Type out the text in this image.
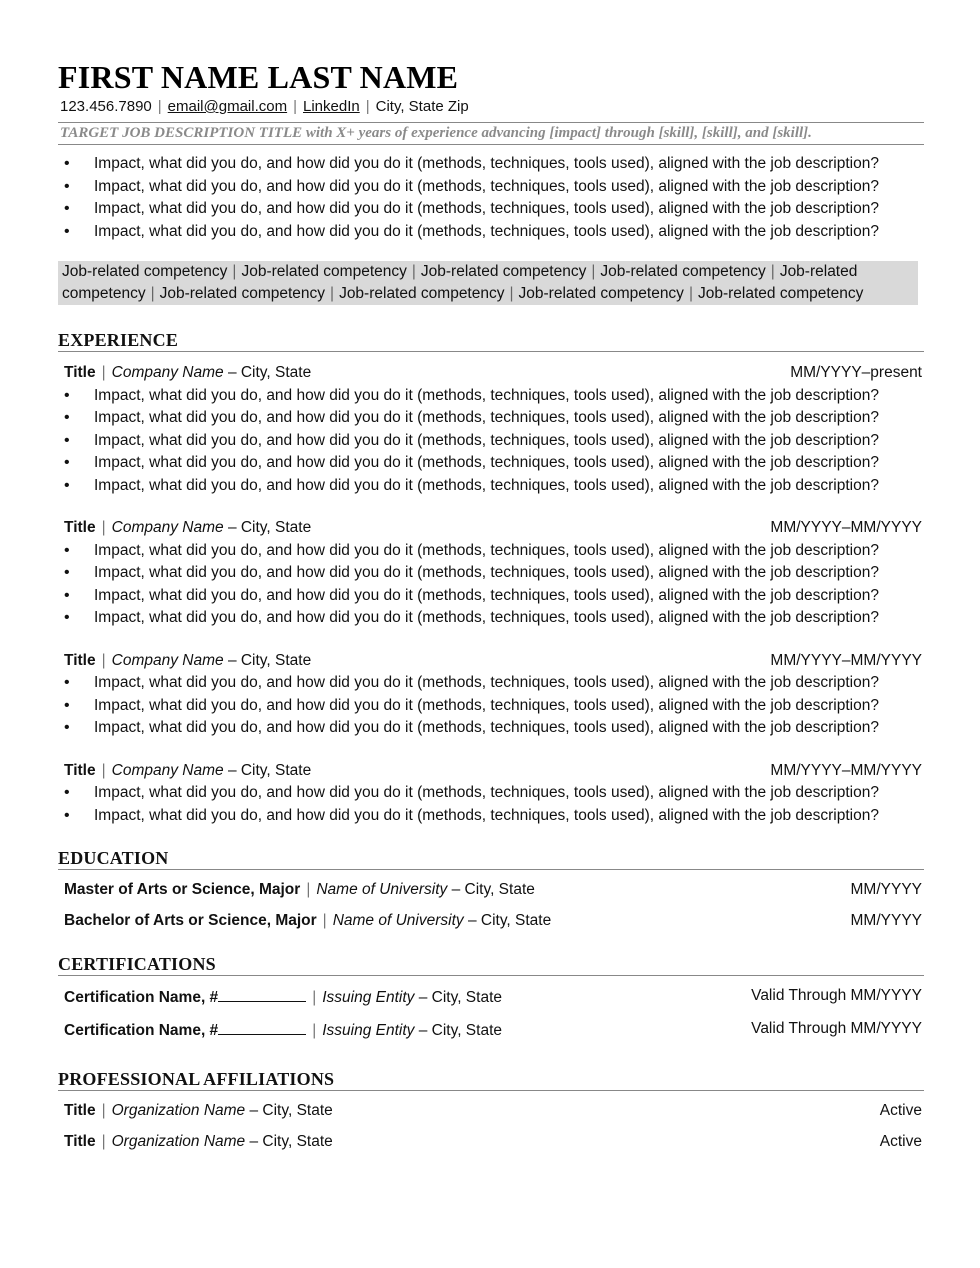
FIRST NAME LAST NAME
123.456.7890 | email@gmail.com | LinkedIn | City, State Zip
TARGET JOB DESCRIPTION TITLE with X+ years of experience advancing [impact] through [skill], [skill], and [skill].
• Impact, what did you do, and how did you do it (methods, techniques, tools used), aligned with the job description?
• Impact, what did you do, and how did you do it (methods, techniques, tools used), aligned with the job description?
• Impact, what did you do, and how did you do it (methods, techniques, tools used), aligned with the job description?
• Impact, what did you do, and how did you do it (methods, techniques, tools used), aligned with the job description?
Job-related competency | Job-related competency | Job-related competency | Job-related competency | Job-related
competency | Job-related competency | Job-related competency | Job-related competency | Job-related competency
EXPERIENCE
Title | Company Name – City, State	MM/YYYY–present
• Impact, what did you do, and how did you do it (methods, techniques, tools used), aligned with the job description?
• Impact, what did you do, and how did you do it (methods, techniques, tools used), aligned with the job description?
• Impact, what did you do, and how did you do it (methods, techniques, tools used), aligned with the job description?
• Impact, what did you do, and how did you do it (methods, techniques, tools used), aligned with the job description?
• Impact, what did you do, and how did you do it (methods, techniques, tools used), aligned with the job description?
Title | Company Name – City, State	MM/YYYY–MM/YYYY
• Impact, what did you do, and how did you do it (methods, techniques, tools used), aligned with the job description?
• Impact, what did you do, and how did you do it (methods, techniques, tools used), aligned with the job description?
• Impact, what did you do, and how did you do it (methods, techniques, tools used), aligned with the job description?
• Impact, what did you do, and how did you do it (methods, techniques, tools used), aligned with the job description?
Title | Company Name – City, State	MM/YYYY–MM/YYYY
• Impact, what did you do, and how did you do it (methods, techniques, tools used), aligned with the job description?
• Impact, what did you do, and how did you do it (methods, techniques, tools used), aligned with the job description?
• Impact, what did you do, and how did you do it (methods, techniques, tools used), aligned with the job description?
Title | Company Name – City, State	MM/YYYY–MM/YYYY
• Impact, what did you do, and how did you do it (methods, techniques, tools used), aligned with the job description?
• Impact, what did you do, and how did you do it (methods, techniques, tools used), aligned with the job description?
EDUCATION
Master of Arts or Science, Major | Name of University – City, State	MM/YYYY
Bachelor of Arts or Science, Major | Name of University – City, State	MM/YYYY
CERTIFICATIONS
Certification Name, #	| Issuing Entity – City, State	Valid Through MM/YYYY
Certification Name, #	| Issuing Entity – City, State	Valid Through MM/YYYY
PROFESSIONAL AFFILIATIONS
Title | Organization Name – City, State	Active
Title | Organization Name – City, State	Active
